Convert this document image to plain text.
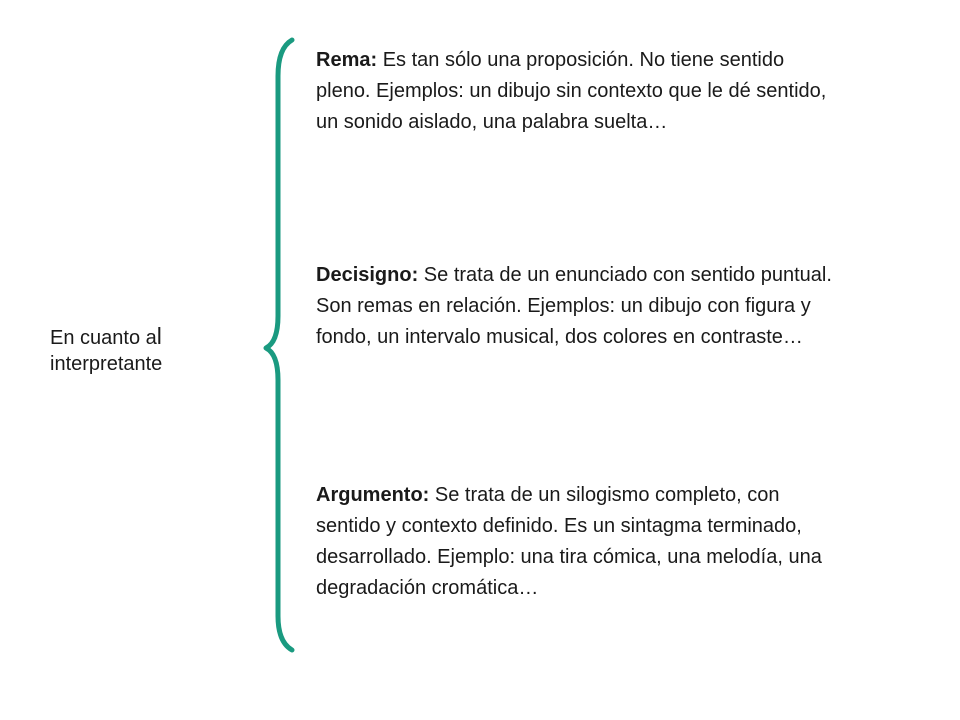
En cuanto al
interpretante
Rema: Es tan sólo una proposición. No tiene sentido pleno. Ejemplos: un dibujo sin contexto que le dé sentido, un sonido aislado, una palabra suelta…
Decisigno: Se trata de un enunciado con sentido puntual. Son remas en relación. Ejemplos: un dibujo con figura y fondo, un intervalo musical, dos colores en contraste…
Argumento: Se trata de un silogismo completo, con sentido y contexto definido. Es un sintagma terminado, desarrollado. Ejemplo: una tira cómica, una melodía, una degradación cromática…
